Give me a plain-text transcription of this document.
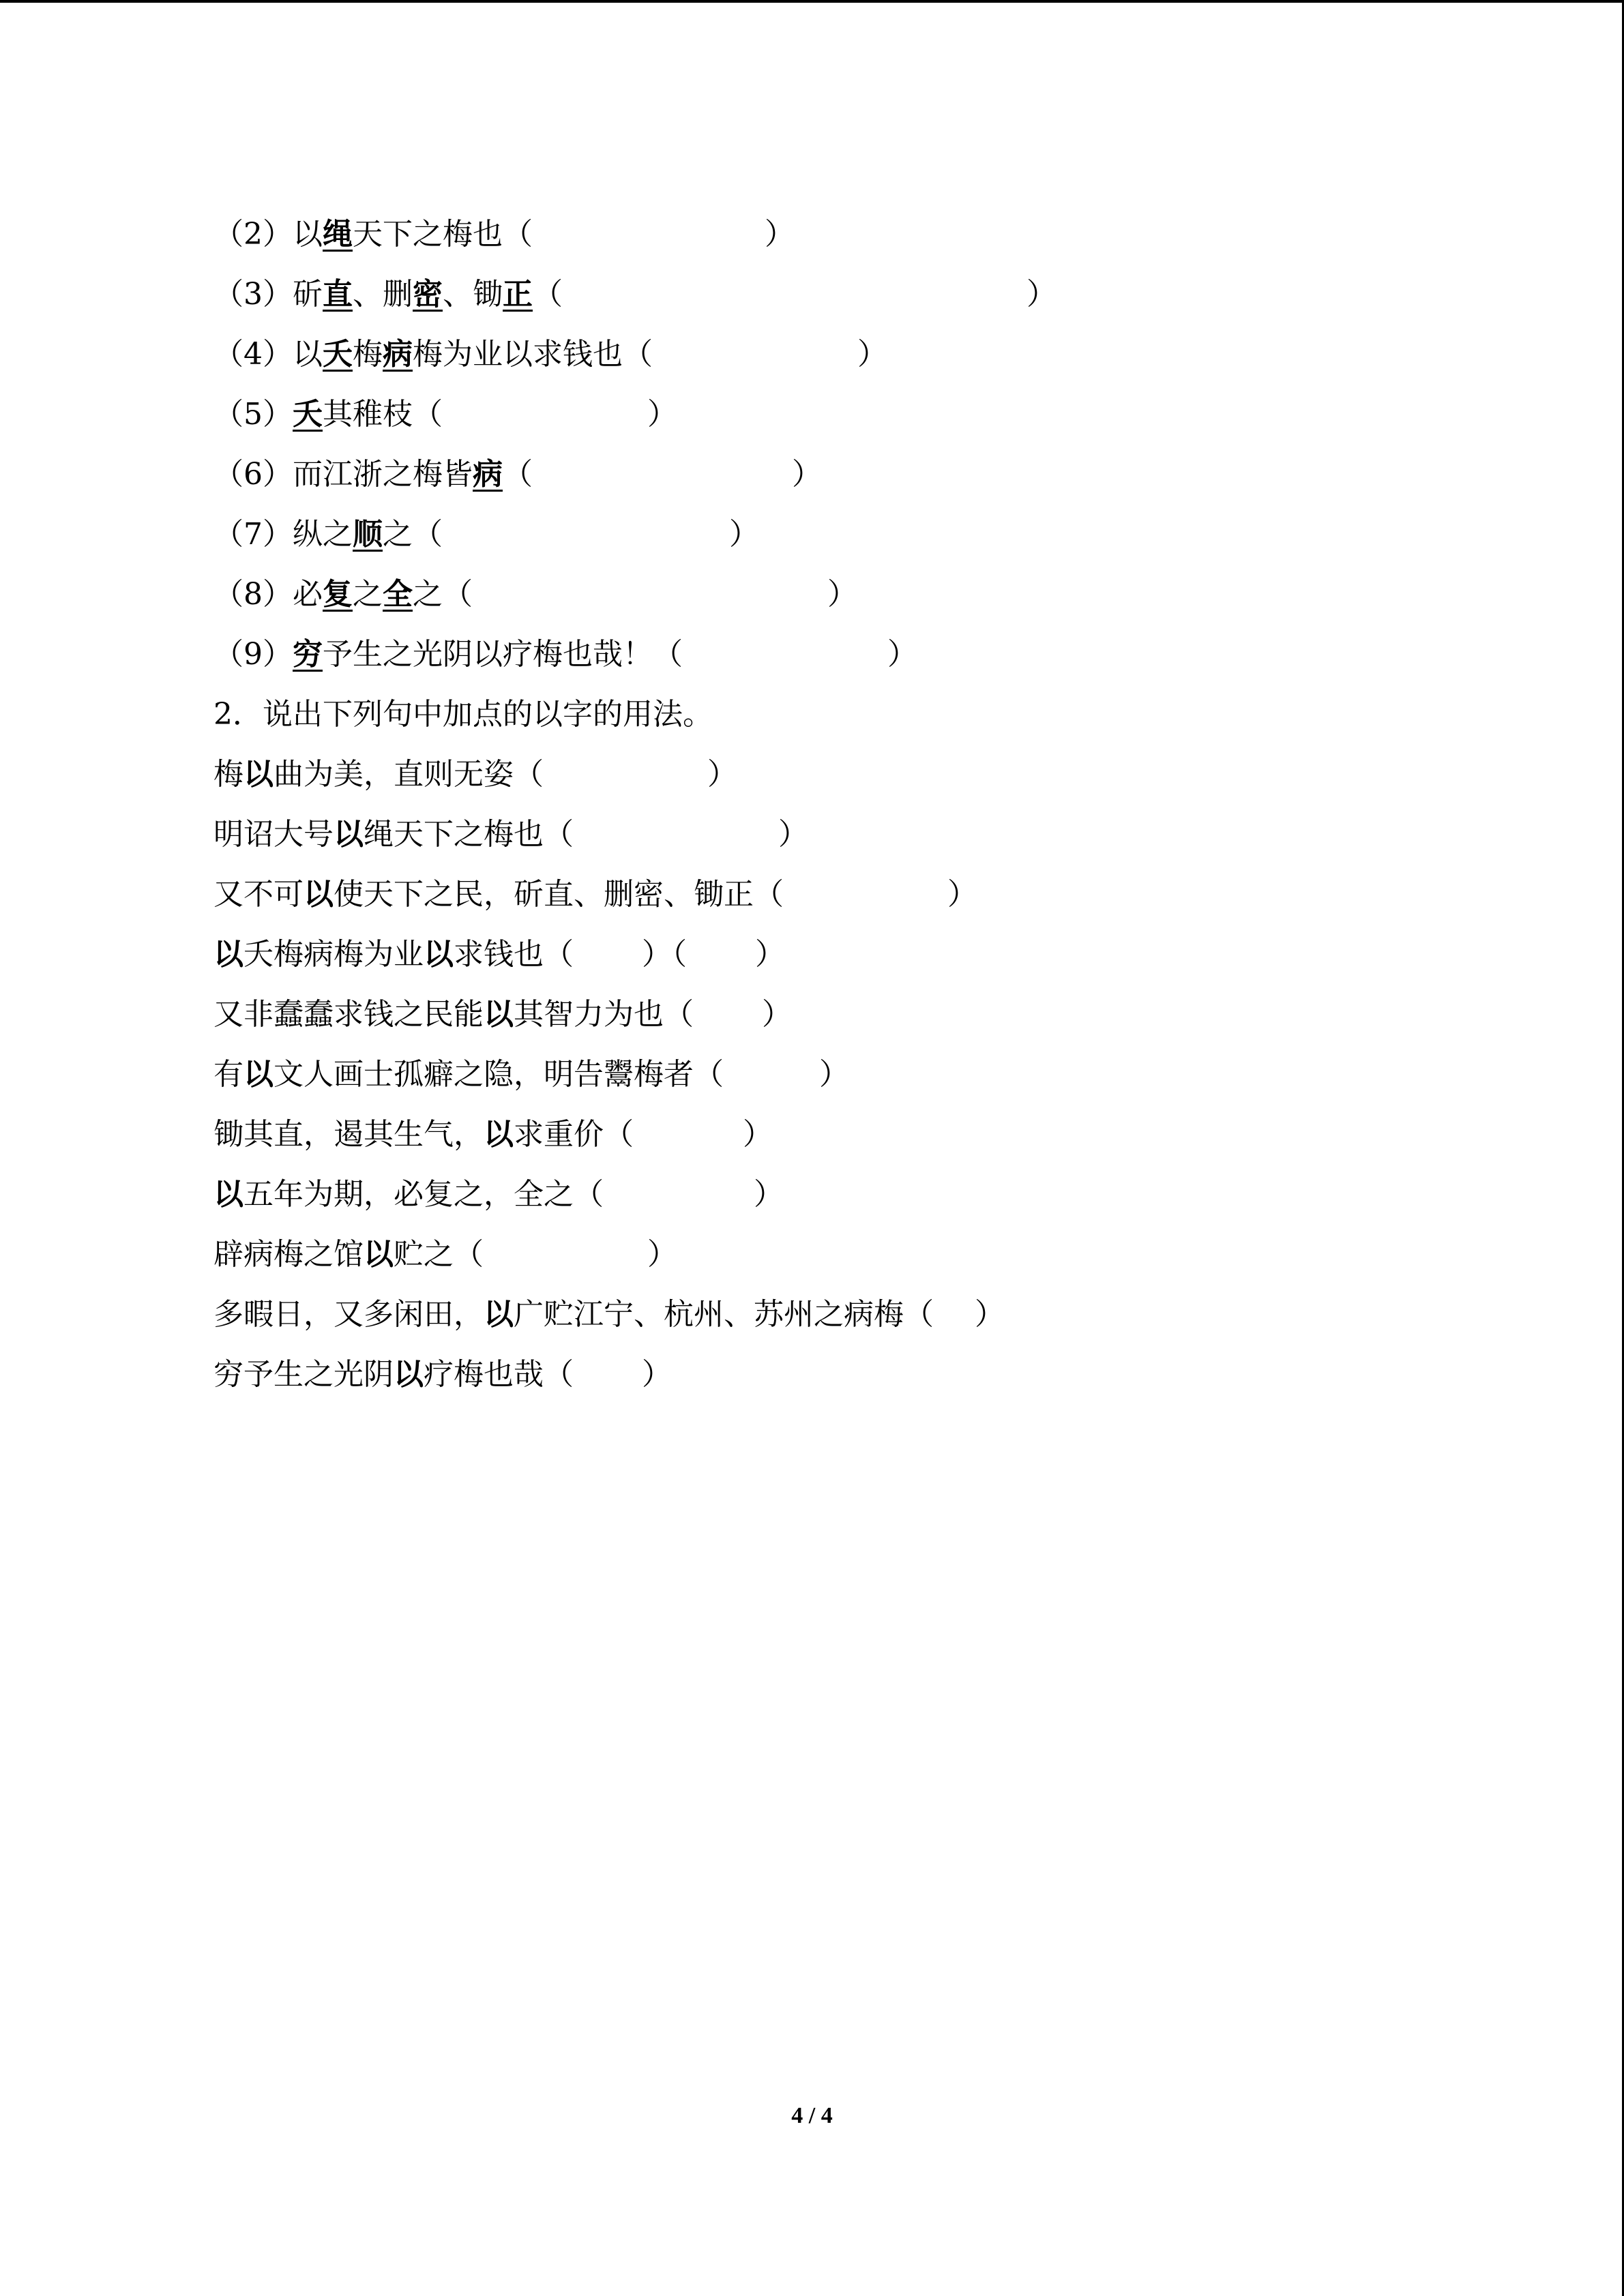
（2）以绳天下之梅也（	）
（3）斫直、删密、锄正（	）
（4）以夭梅病梅为业以求钱也（	）
（5）夭其稚枝（	）
（6）而江浙之梅皆病（	）
（7）纵之顺之（	）
（8）必复之全之（	）
（9）穷予生之光阴以疗梅也哉！（	）
2．说出下列句中加点的以字的用法。
梅以曲为美，直则无姿（	）
明诏大号以绳天下之梅也（	）
又不可以使天下之民，斫直、删密、锄正（	）
以夭梅病梅为业以求钱也（ ）（ ）
又非蠢蠢求钱之民能以其智力为也（ ）
有以文人画士孤癖之隐，明告鬻梅者（	）
锄其直，遏其生气，以求重价（	）
以五年为期，必复之，全之（	）
辟病梅之馆以贮之（	）
多暇日，又多闲田，以广贮江宁、杭州、苏州之病梅（ ）
穷予生之光阴以疗梅也哉（ ）
4 / 4
